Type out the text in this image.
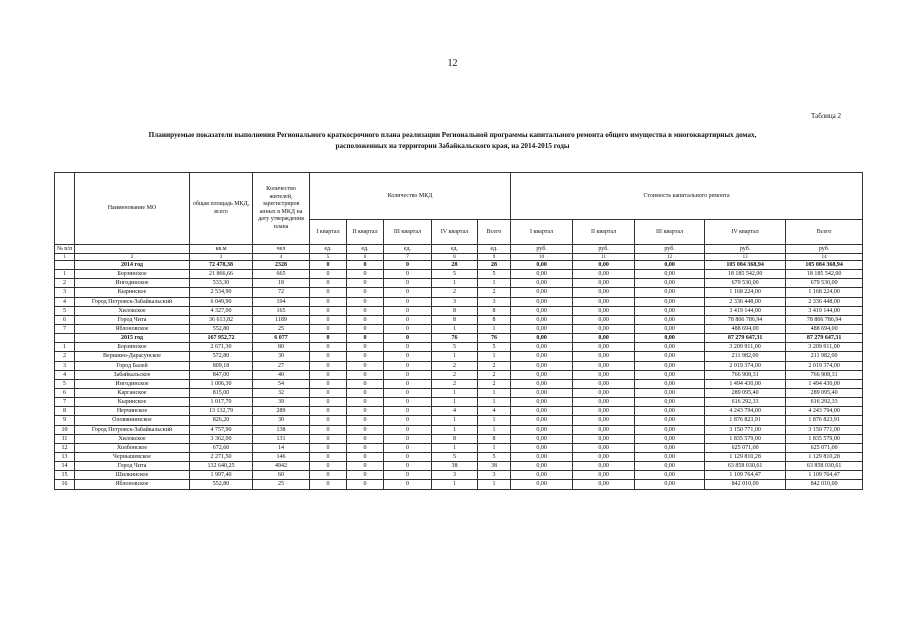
12
Таблица 2
Планируемые показатели выполнения Регионального краткосрочного плана реализации Региональной программы капитального ремонта общего имущества в многоквартирных домах,
расположенных на территории Забайкальского края, на 2014-2015 годы
	Наименование МО	общая площадь МКД, всего	Количество жителей, зарегистриров анных в МКД на дату утверждения плана	Количество МКД					Стоимость капитального ремонта				
				I квартал	II квартал	III квартал	IV квартал	Всего	I квартал	II квартал	III квартал	IV квартал	Всего
№ п/п		кв.м	чел	ед.	ед.	ед.	ед.	ед.	руб.	руб.	руб.	руб.	руб.
1	2	3	4	5	6	7	8	9	10	11	12	13	14
	2014 год	72 478,38	2328	0	0	0	28	28	0,00	0,00	0,00	105 084 368,94	105 084 368,94
1	Борзинское	21 866,66	665	0	0	0	5	5	0,00	0,00	0,00	18 185 542,00	18 185 542,00
2	Ингодинское	533,30	18	0	0	0	1	1	0,00	0,00	0,00	679 530,00	679 530,00
3	Кыринское	2 534,90	72	0	0	0	2	2	0,00	0,00	0,00	1 168 224,00	1 168 224,00
4	Город Петровск-Забайкальский	6 049,90	194	0	0	0	3	3	0,00	0,00	0,00	2 336 448,00	2 336 448,00
5	Хилокское	4 327,00	165	0	0	0	8	8	0,00	0,00	0,00	3 419 144,00	3 419 144,00
6	Город Чита	36 613,82	1189	0	0	0	8	8	0,00	0,00	0,00	78 806 786,94	78 806 786,94
7	Яблоновское	552,80	25	0	0	0	1	1	0,00	0,00	0,00	488 694,00	488 694,00
	2015 год	167 952,72	6 077	0	0	0	76	76	0,00	0,00	0,00	87 279 647,31	87 279 647,31
1	Борзинское	2 671,30	80	0	0	0	5	5	0,00	0,00	0,00	3 209 911,00	3 209 911,00
2	Вершино-Дарасунское	572,80	30	0	0	0	1	1	0,00	0,00	0,00	211 982,00	211 982,00
3	Город Балей	809,18	27	0	0	0	2	2	0,00	0,00	0,00	2 019 374,00	2 019 374,00
4	Забайкальское	847,00	40	0	0	0	2	2	0,00	0,00	0,00	766 908,31	766 908,31
5	Ингодинское	1 006,30	54	0	0	0	2	2	0,00	0,00	0,00	1 494 430,00	1 494 430,00
6	Карганское	815,00	32	0	0	0	1	1	0,00	0,00	0,00	289 095,40	289 095,40
7	Кыринское	1 017,70	39	0	0	0	1	1	0,00	0,00	0,00	616 292,33	616 292,33
8	Нерчинское	13 132,79	289	0	0	0	4	4	0,00	0,00	0,00	4 243 794,00	4 243 794,00
9	Оловяннинское	826,20	30	0	0	0	1	1	0,00	0,00	0,00	1 876 823,91	1 876 823,91
10	Город Петровск-Забайкальский	4 757,90	138	0	0	0	1	1	0,00	0,00	0,00	3 150 771,00	3 150 771,00
11	Хилокское	3 362,00	131	0	0	0	8	8	0,00	0,00	0,00	1 835 579,00	1 835 579,00
12	Холбонское	672,60	14	0	0	0	1	1	0,00	0,00	0,00	625 071,00	625 071,00
13	Чернышевское	2 271,50	146	0	0	0	5	5	0,00	0,00	0,00	1 129 810,28	1 129 810,28
14	Город Чита	132 640,25	4942	0	0	0	38	38	0,00	0,00	0,00	63 858 030,61	63 858 030,61
15	Шилкинское	1 997,40	60	0	0	0	3	3	0,00	0,00	0,00	1 109 764,47	1 109 764,47
16	Яблоновское	552,80	25	0	0	0	1	1	0,00	0,00	0,00	842 010,00	842 010,00
